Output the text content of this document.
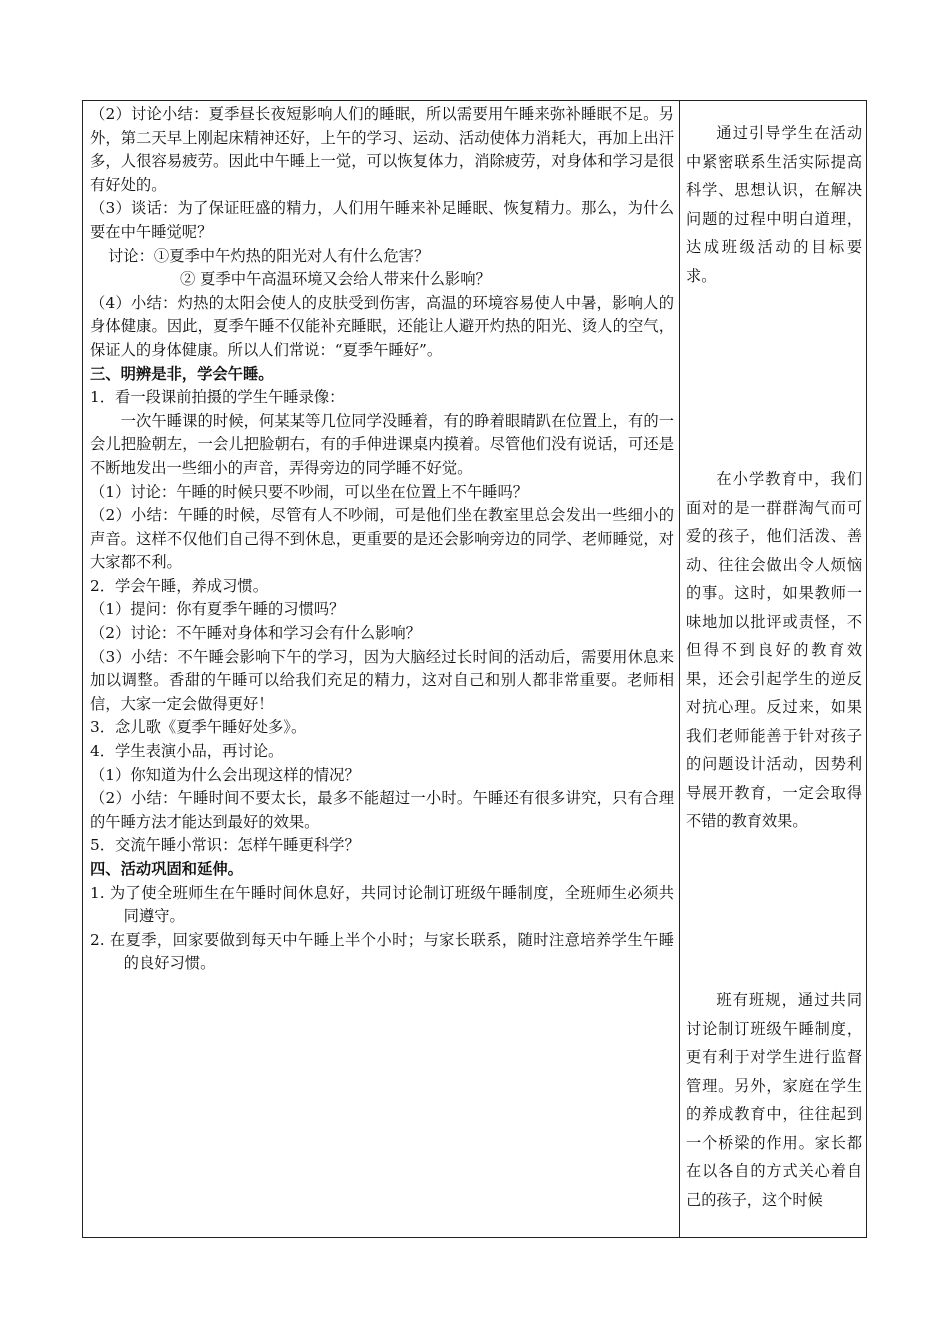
（2）讨论小结：夏季昼长夜短影响人们的睡眠，所以需要用午睡来弥补睡眠不足。另外，第二天早上刚起床精神还好，上午的学习、运动、活动使体力消耗大，再加上出汗多，人很容易疲劳。因此中午睡上一觉，可以恢复体力，消除疲劳，对身体和学习是很有好处的。

（3）谈话：为了保证旺盛的精力，人们用午睡来补足睡眠、恢复精力。那么，为什么要在中午睡觉呢？

讨论：①夏季中午灼热的阳光对人有什么危害？

② 夏季中午高温环境又会给人带来什么影响？

（4）小结：灼热的太阳会使人的皮肤受到伤害，高温的环境容易使人中暑，影响人的身体健康。因此，夏季午睡不仅能补充睡眠，还能让人避开灼热的阳光、烫人的空气，保证人的身体健康。所以人们常说：“夏季午睡好”。

三、明辨是非，学会午睡。

1．看一段课前拍摄的学生午睡录像：

一次午睡课的时候，何某某等几位同学没睡着，有的睁着眼睛趴在位置上，有的一会儿把脸朝左，一会儿把脸朝右，有的手伸进课桌内摸着。尽管他们没有说话，可还是不断地发出一些细小的声音，弄得旁边的同学睡不好觉。

（1）讨论：午睡的时候只要不吵闹，可以坐在位置上不午睡吗？

（2）小结：午睡的时候，尽管有人不吵闹，可是他们坐在教室里总会发出一些细小的声音。这样不仅他们自己得不到休息，更重要的是还会影响旁边的同学、老师睡觉，对大家都不利。

2．学会午睡，养成习惯。

（1）提问：你有夏季午睡的习惯吗？

（2）讨论：不午睡对身体和学习会有什么影响？

（3）小结：不午睡会影响下午的学习，因为大脑经过长时间的活动后，需要用休息来加以调整。香甜的午睡可以给我们充足的精力，这对自己和别人都非常重要。老师相信，大家一定会做得更好！

3．念儿歌《夏季午睡好处多》。

4．学生表演小品，再讨论。

（1）你知道为什么会出现这样的情况？

（2）小结：午睡时间不要太长，最多不能超过一小时。午睡还有很多讲究，只有合理的午睡方法才能达到最好的效果。

5．交流午睡小常识：怎样午睡更科学？

四、活动巩固和延伸。

1. 为了使全班师生在午睡时间休息好，共同讨论制订班级午睡制度，全班师生必须共同遵守。

2. 在夏季，回家要做到每天中午睡上半个小时；与家长联系，随时注意培养学生午睡的良好习惯。

通过引导学生在活动中紧密联系生活实际提高科学、思想认识，在解决问题的过程中明白道理，达成班级活动的目标要求。

在小学教育中，我们面对的是一群群淘气而可爱的孩子，他们活泼、善动、往往会做出令人烦恼的事。这时，如果教师一味地加以批评或责怪，不但得不到良好的教育效果，还会引起学生的逆反对抗心理。反过来，如果我们老师能善于针对孩子的问题设计活动，因势利导展开教育，一定会取得不错的教育效果。

班有班规，通过共同讨论制订班级午睡制度，更有利于对学生进行监督管理。另外，家庭在学生的养成教育中，往往起到一个桥梁的作用。家长都在以各自的方式关心着自己的孩子，这个时候
